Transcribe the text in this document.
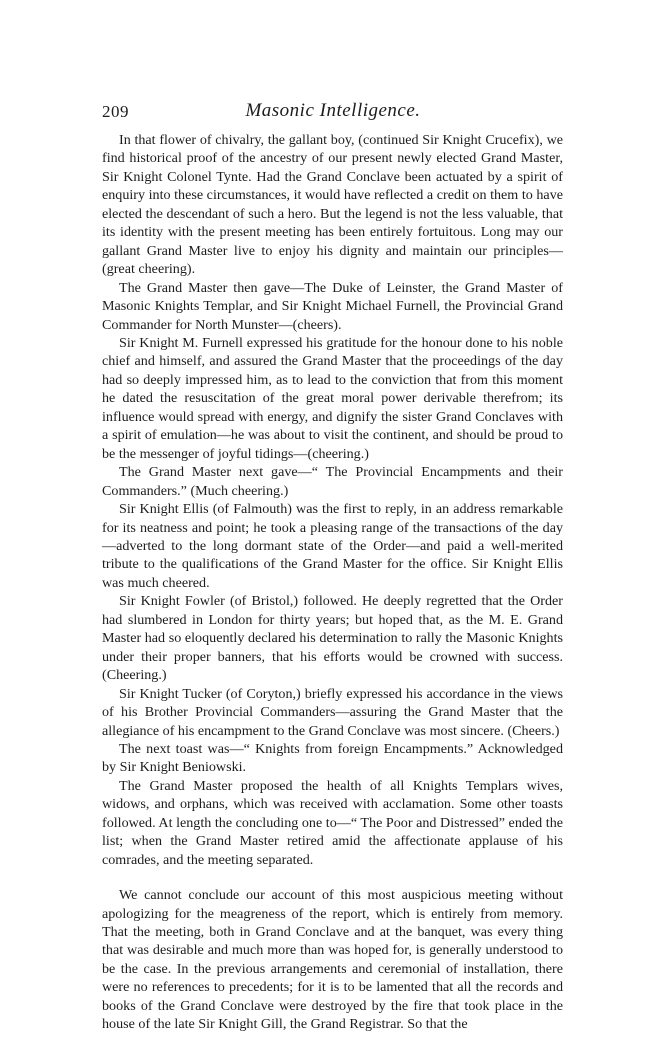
209	Masonic Intelligence.

In that flower of chivalry, the gallant boy, (continued Sir Knight Crucefix), we find historical proof of the ancestry of our present newly elected Grand Master, Sir Knight Colonel Tynte. Had the Grand Conclave been actuated by a spirit of enquiry into these circumstances, it would have reflected a credit on them to have elected the descendant of such a hero. But the legend is not the less valuable, that its identity with the present meeting has been entirely fortuitous. Long may our gallant Grand Master live to enjoy his dignity and maintain our principles—(great cheering).

The Grand Master then gave—The Duke of Leinster, the Grand Master of Masonic Knights Templar, and Sir Knight Michael Furnell, the Provincial Grand Commander for North Munster—(cheers).

Sir Knight M. Furnell expressed his gratitude for the honour done to his noble chief and himself, and assured the Grand Master that the proceedings of the day had so deeply impressed him, as to lead to the conviction that from this moment he dated the resuscitation of the great moral power derivable therefrom; its influence would spread with energy, and dignify the sister Grand Conclaves with a spirit of emulation—he was about to visit the continent, and should be proud to be the messenger of joyful tidings—(cheering.)

The Grand Master next gave—“ The Provincial Encampments and their Commanders.” (Much cheering.)

Sir Knight Ellis (of Falmouth) was the first to reply, in an address remarkable for its neatness and point; he took a pleasing range of the transactions of the day—adverted to the long dormant state of the Order—and paid a well-merited tribute to the qualifications of the Grand Master for the office. Sir Knight Ellis was much cheered.

Sir Knight Fowler (of Bristol,) followed. He deeply regretted that the Order had slumbered in London for thirty years; but hoped that, as the M. E. Grand Master had so eloquently declared his determination to rally the Masonic Knights under their proper banners, that his efforts would be crowned with success. (Cheering.)

Sir Knight Tucker (of Coryton,) briefly expressed his accordance in the views of his Brother Provincial Commanders—assuring the Grand Master that the allegiance of his encampment to the Grand Conclave was most sincere. (Cheers.)

The next toast was—“ Knights from foreign Encampments.” Acknowledged by Sir Knight Beniowski.

The Grand Master proposed the health of all Knights Templars wives, widows, and orphans, which was received with acclamation. Some other toasts followed. At length the concluding one to—“ The Poor and Distressed” ended the list; when the Grand Master retired amid the affectionate applause of his comrades, and the meeting separated.

We cannot conclude our account of this most auspicious meeting without apologizing for the meagreness of the report, which is entirely from memory. That the meeting, both in Grand Conclave and at the banquet, was every thing that was desirable and much more than was hoped for, is generally understood to be the case. In the previous arrangements and ceremonial of installation, there were no references to precedents; for it is to be lamented that all the records and books of the Grand Conclave were destroyed by the fire that took place in the house of the late Sir Knight Gill, the Grand Registrar. So that the
